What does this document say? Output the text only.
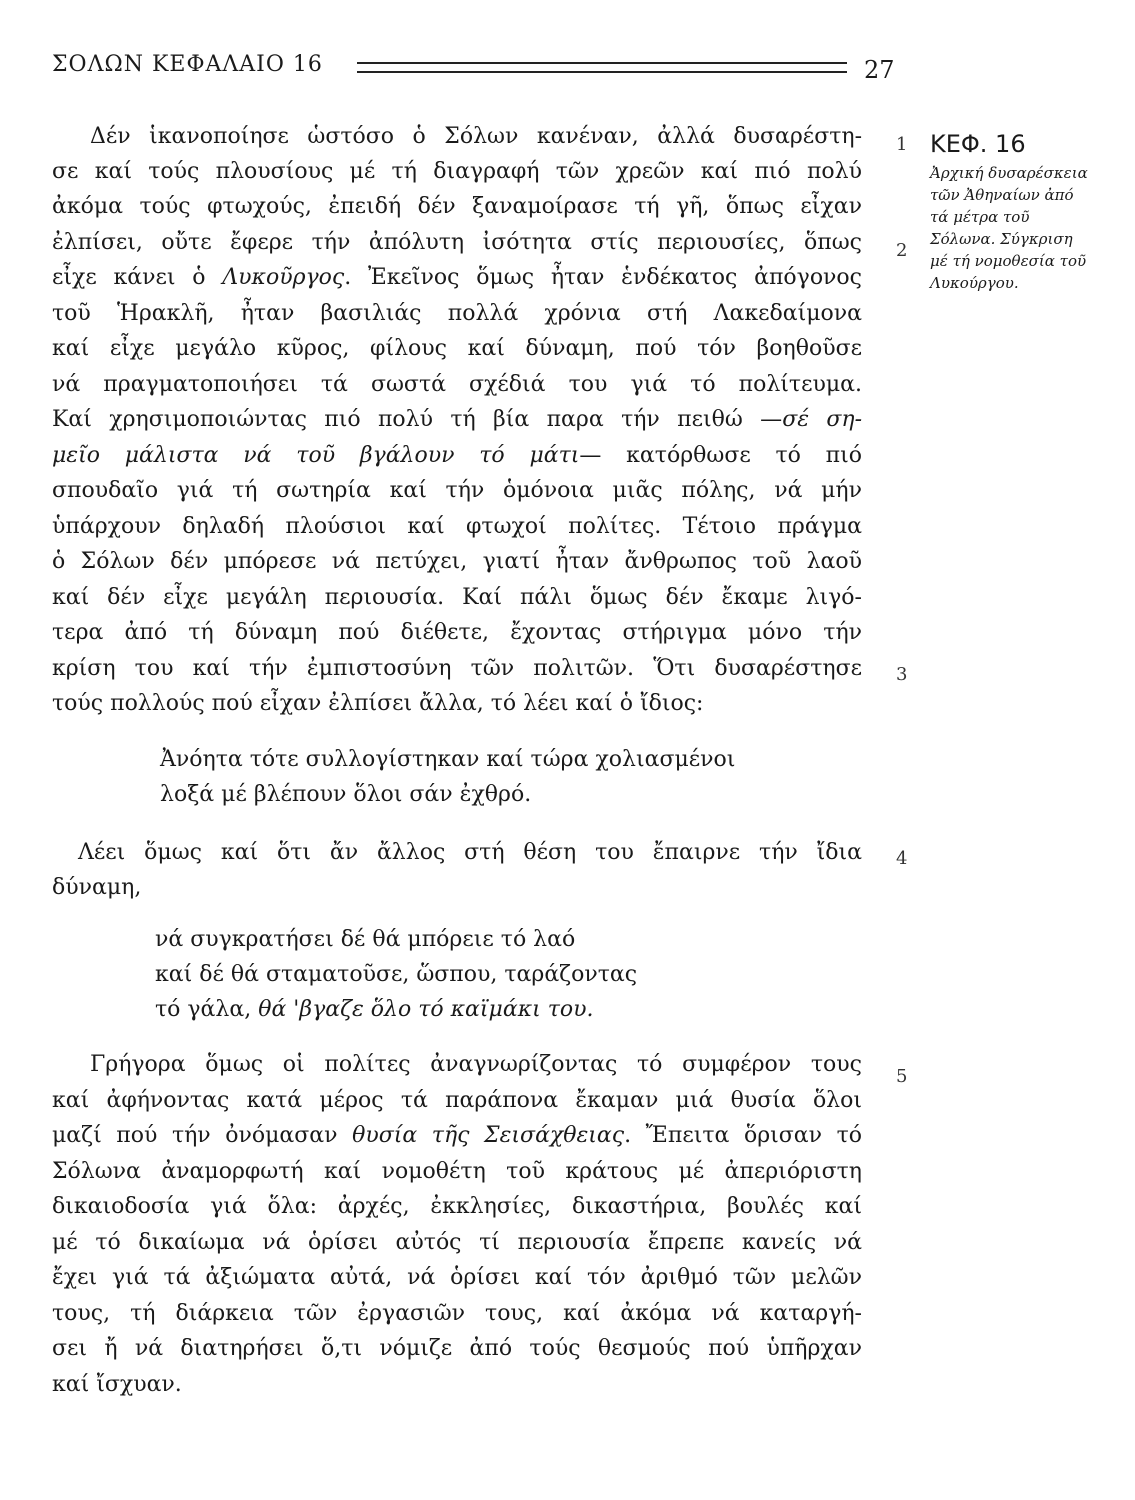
ΣΟΛΩΝ ΚΕΦΑΛΑΙΟ 16	27
Δέν ἱκανοποίησε ὡστόσο ὁ Σόλων κανέναν, ἀλλά δυσαρέστη-
σε καί τούς πλουσίους μέ τή διαγραφή τῶν χρεῶν καί πιό πολύ
ἀκόμα τούς φτωχούς, ἐπειδή δέν ξαναμοίρασε τή γῆ, ὅπως εἶχαν
ἐλπίσει, οὔτε ἔφερε τήν ἀπόλυτη ἰσότητα στίς περιουσίες, ὅπως
εἶχε κάνει ὁ Λυκοῦργος. Ἐκεῖνος ὅμως ἦταν ἑνδέκατος ἀπόγονος
τοῦ Ἡρακλῆ, ἦταν βασιλιάς πολλά χρόνια στή Λακεδαίμονα
καί εἶχε μεγάλο κῦρος, φίλους καί δύναμη, πού τόν βοηθοῦσε
νά πραγματοποιήσει τά σωστά σχέδιά του γιά τό πολίτευμα.
Καί χρησιμοποιώντας πιό πολύ τή βία παρα τήν πειθώ —σέ ση-
μεῖο μάλιστα νά τοῦ βγάλουν τό μάτι— κατόρθωσε τό πιό
σπουδαῖο γιά τή σωτηρία καί τήν ὁμόνοια μιᾶς πόλης, νά μήν
ὑπάρχουν δηλαδή πλούσιοι καί φτωχοί πολίτες. Τέτοιο πράγμα
ὁ Σόλων δέν μπόρεσε νά πετύχει, γιατί ἦταν ἄνθρωπος τοῦ λαοῦ
καί δέν εἶχε μεγάλη περιουσία. Καί πάλι ὅμως δέν ἔκαμε λιγό-
τερα ἀπό τή δύναμη πού διέθετε, ἔχοντας στήριγμα μόνο τήν
κρίση του καί τήν ἐμπιστοσύνη τῶν πολιτῶν. Ὅτι δυσαρέστησε
τούς πολλούς πού εἶχαν ἐλπίσει ἄλλα, τό λέει καί ὁ ἴδιος:
Ἀνόητα τότε συλλογίστηκαν καί τώρα χολιασμένοι
λοξά μέ βλέπουν ὅλοι σάν ἐχθρό.
Λέει ὅμως καί ὅτι ἄν ἄλλος στή θέση του ἔπαιρνε τήν ἴδια
δύναμη,
νά συγκρατήσει δέ θά μπόρειε τό λαό
καί δέ θά σταματοῦσε, ὥσπου, ταράζοντας
τό γάλα, θά 'βγαζε ὅλο τό καϊμάκι του.
Γρήγορα ὅμως οἱ πολίτες ἀναγνωρίζοντας τό συμφέρον τους
καί ἀφήνοντας κατά μέρος τά παράπονα ἔκαμαν μιά θυσία ὅλοι
μαζί πού τήν ὀνόμασαν θυσία τῆς Σεισάχθειας. Ἔπειτα ὅρισαν τό
Σόλωνα ἀναμορφωτή καί νομοθέτη τοῦ κράτους μέ ἀπεριόριστη
δικαιοδοσία γιά ὅλα: ἀρχές, ἐκκλησίες, δικαστήρια, βουλές καί
μέ τό δικαίωμα νά ὁρίσει αὐτός τί περιουσία ἔπρεπε κανείς νά
ἔχει γιά τά ἀξιώματα αὐτά, νά ὁρίσει καί τόν ἀριθμό τῶν μελῶν
τους, τή διάρκεια τῶν ἐργασιῶν τους, καί ἀκόμα νά καταργή-
σει ἤ νά διατηρήσει ὅ,τι νόμιζε ἀπό τούς θεσμούς πού ὑπῆρχαν
καί ἴσχυαν.
1
2
3
4
5
ΚΕΦ. 16
Ἀρχική δυσαρέσκεια τῶν Ἀθηναίων ἀπό τά μέτρα τοῦ Σόλωνα. Σύγκριση μέ τή νομοθεσία τοῦ Λυκούργου.
